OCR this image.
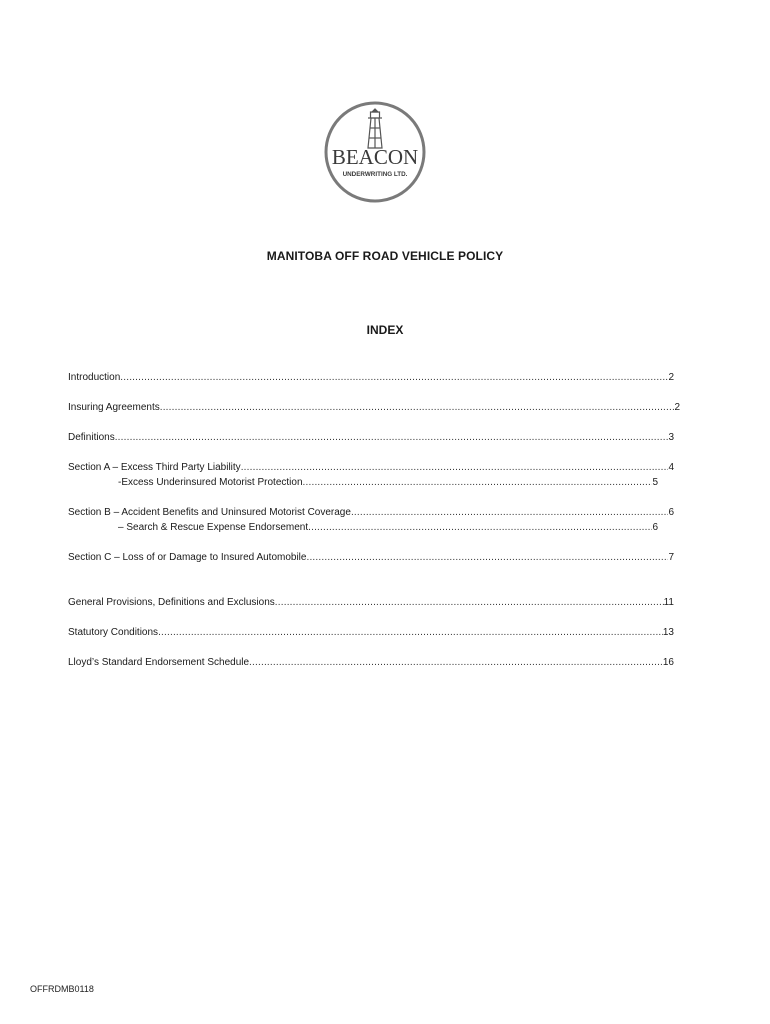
BEACON
UNDERWRITING LTD.
MANITOBA OFF ROAD VEHICLE POLICY
INDEX
Introduction .....	2
Insuring Agreements .....	2
Definitions .....	3
Section A – Excess Third Party Liability .....	4
-Excess Underinsured Motorist Protection .....	5
Section B – Accident Benefits and Uninsured Motorist Coverage .....	6
– Search & Rescue Expense Endorsement .....	6
Section C – Loss of or Damage to Insured Automobile .....	7
General Provisions, Definitions and Exclusions .....	11
Statutory Conditions .....	13
Lloyd’s Standard Endorsement Schedule .....	16
OFFRDMB0118
